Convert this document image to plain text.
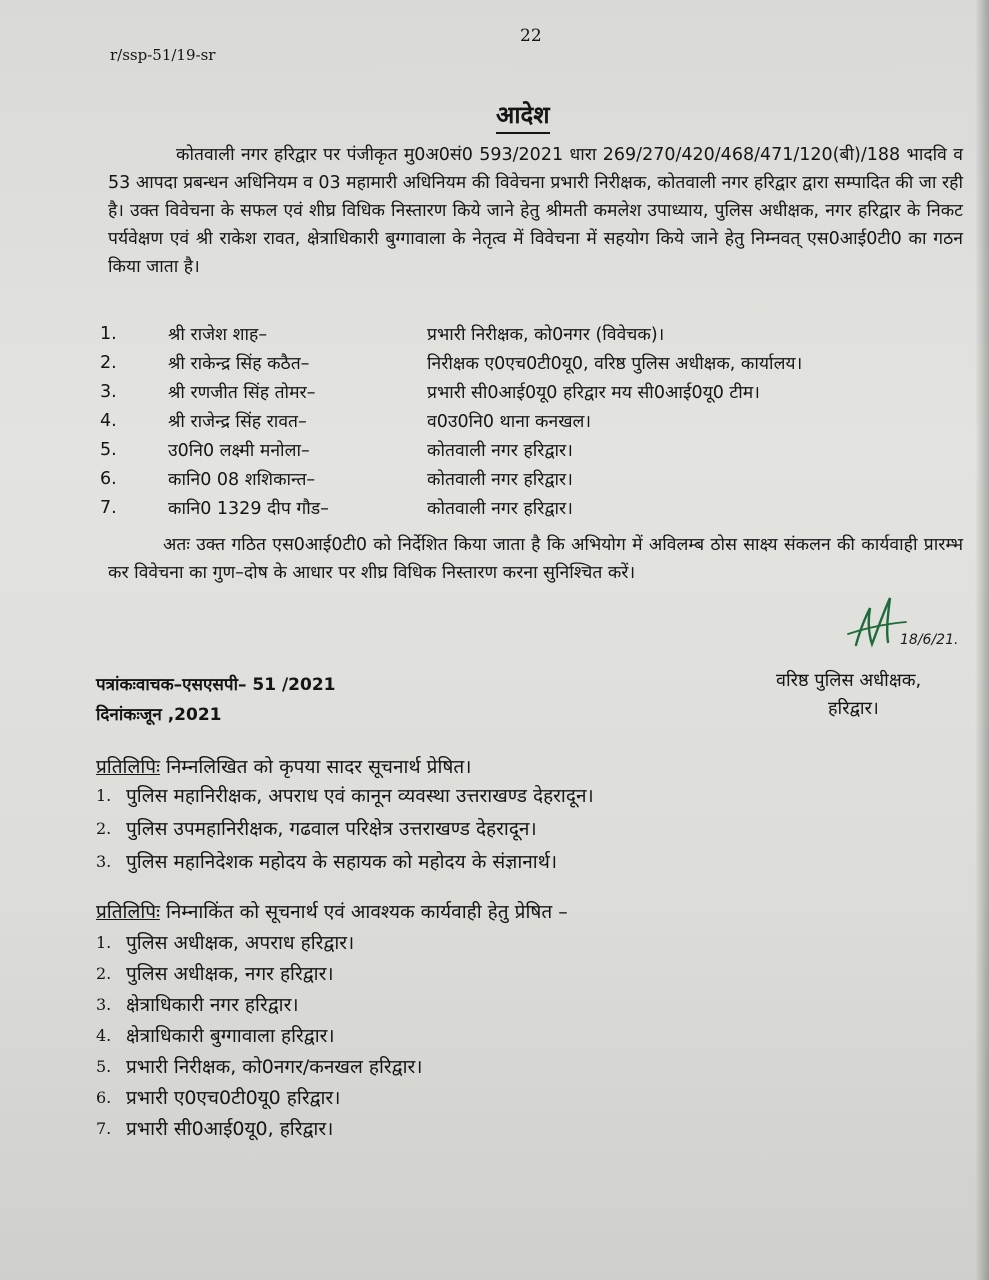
22
r/ssp-51/19-sr
आदेश
कोतवाली नगर हरिद्वार पर पंजीकृत मु0अ0सं0 593/2021 धारा 269/270/420/468/471/120(बी)/188 भादवि व 53 आपदा प्रबन्धन अधिनियम व 03 महामारी अधिनियम की विवेचना प्रभारी निरीक्षक, कोतवाली नगर हरिद्वार द्वारा सम्पादित की जा रही है। उक्त विवेचना के सफल एवं शीघ्र विधिक निस्तारण किये जाने हेतु श्रीमती कमलेश उपाध्याय, पुलिस अधीक्षक, नगर हरिद्वार के निकट पर्यवेक्षण एवं श्री राकेश रावत, क्षेत्राधिकारी बुग्गावाला के नेतृत्व में विवेचना में सहयोग किये जाने हेतु निम्नवत् एस0आई0टी0 का गठन किया जाता है।
1.	श्री राजेश शाह–	प्रभारी निरीक्षक, को0नगर (विवेचक)।
2.	श्री राकेन्द्र सिंह कठैत–	निरीक्षक ए0एच0टी0यू0, वरिष्ठ पुलिस अधीक्षक, कार्यालय।
3.	श्री रणजीत सिंह तोमर–	प्रभारी सी0आई0यू0 हरिद्वार मय सी0आई0यू0 टीम।
4.	श्री राजेन्द्र सिंह रावत–	व0उ0नि0 थाना कनखल।
5.	उ0नि0 लक्ष्मी मनोला–	कोतवाली नगर हरिद्वार।
6.	कानि0 08 शशिकान्त–	कोतवाली नगर हरिद्वार।
7.	कानि0 1329 दीप गौड–	कोतवाली नगर हरिद्वार।
अतः उक्त गठित एस0आई0टी0 को निर्देशित किया जाता है कि अभियोग में अविलम्ब ठोस साक्ष्य संकलन की कार्यवाही प्रारम्भ कर विवेचना का गुण–दोष के आधार पर शीघ्र विधिक निस्तारण करना सुनिश्चित करें।
18/6/21.
पत्रांकःवाचक–एसएसपी– 51 /2021
दिनांकःजून ,2021
वरिष्ठ पुलिस अधीक्षक,
हरिद्वार।
प्रतिलिपिः निम्नलिखित को कृपया सादर सूचनार्थ प्रेषित।
1. पुलिस महानिरीक्षक, अपराध एवं कानून व्यवस्था उत्तराखण्ड देहरादून।
2. पुलिस उपमहानिरीक्षक, गढवाल परिक्षेत्र उत्तराखण्ड देहरादून।
3. पुलिस महानिदेशक महोदय के सहायक को महोदय के संज्ञानार्थ।
प्रतिलिपिः निम्नाकिंत को सूचनार्थ एवं आवश्यक कार्यवाही हेतु प्रेषित –
1. पुलिस अधीक्षक, अपराध हरिद्वार।
2. पुलिस अधीक्षक, नगर हरिद्वार।
3. क्षेत्राधिकारी नगर हरिद्वार।
4. क्षेत्राधिकारी बुग्गावाला हरिद्वार।
5. प्रभारी निरीक्षक, को0नगर/कनखल हरिद्वार।
6. प्रभारी ए0एच0टी0यू0 हरिद्वार।
7. प्रभारी सी0आई0यू0, हरिद्वार।
